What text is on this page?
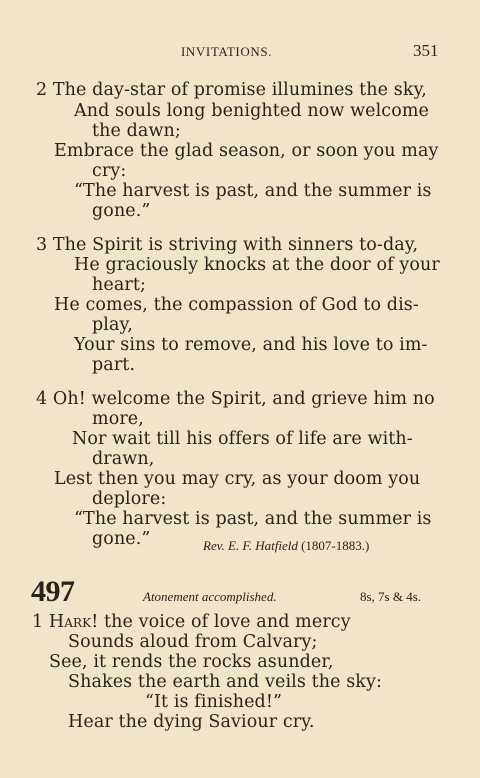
INVITATIONS.	351
2 The day-star of promise illumines the sky,
And souls long benighted now welcome
the dawn;
Embrace the glad season, or soon you may
cry:
“The harvest is past, and the summer is
gone.”
3 The Spirit is striving with sinners to-day,
He graciously knocks at the door of your
heart;
He comes, the compassion of God to dis-
play,
Your sins to remove, and his love to im-
part.
4 Oh! welcome the Spirit, and grieve him no
more,
Nor wait till his offers of life are with-
drawn,
Lest then you may cry, as your doom you
deplore:
“The harvest is past, and the summer is
gone.”	Rev. E. F. Hatfield (1807-1883.)
497	Atonement accomplished.	8s, 7s & 4s.
1 Hark! the voice of love and mercy
Sounds aloud from Calvary;
See, it rends the rocks asunder,
Shakes the earth and veils the sky:
“It is finished!”
Hear the dying Saviour cry.
